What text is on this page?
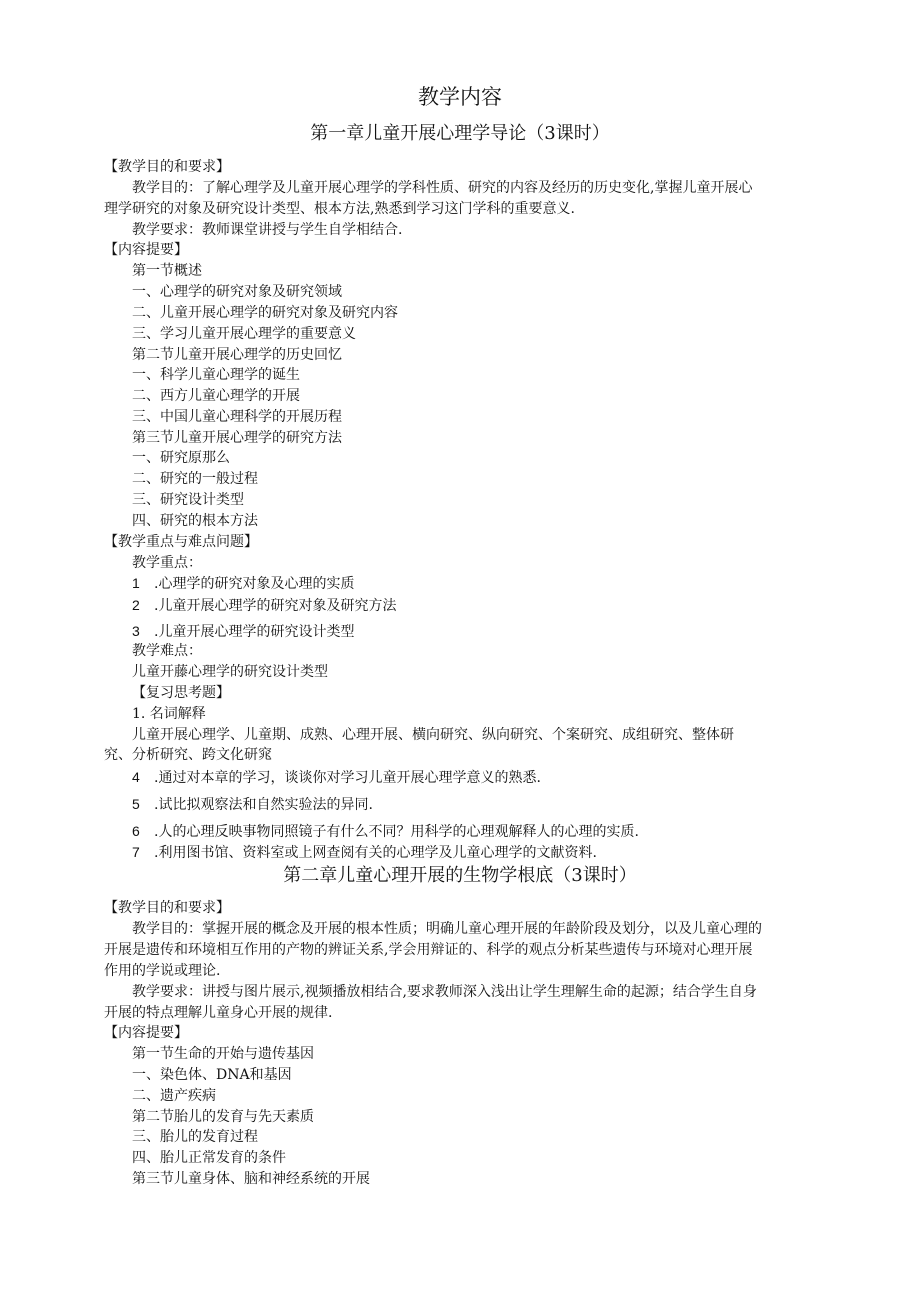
教学内容
第一章儿童开展心理学导论（3课时）
【教学目的和要求】
教学目的：了解心理学及儿童开展心理学的学科性质、研究的内容及经历的历史变化,掌握儿童开展心
理学研究的对象及研究设计类型、根本方法,熟悉到学习这门学科的重要意义.
教学要求：教师课堂讲授与学生自学相结合.
【内容提要】
第一节概述
一、心理学的研究对象及研究领域
二、儿童开展心理学的研究对象及研究内容
三、学习儿童开展心理学的重要意义
第二节儿童开展心理学的历史回忆
一、科学儿童心理学的诞生
二、西方儿童心理学的开展
三、中国儿童心理科学的开展历程
第三节儿童开展心理学的研究方法
一、研究原那么
二、研究的一般过程
三、研究设计类型
四、研究的根本方法
【教学重点与难点问题】
教学重点：
1 .心理学的研究对象及心理的实质
2 .儿童开展心理学的研究对象及研究方法
3 .儿童开展心理学的研究设计类型
教学难点：
儿童开藤心理学的研究设计类型
【复习思考题】
1. 名词解释
儿童开展心理学、儿童期、成熟、心理开展、横向研究、纵向研究、个案研究、成组研究、整体研
究、分析研究、跨文化研窕
4 .通过对本章的学习，谈谈你对学习儿童开展心理学意义的熟悉.
5 .试比拟观察法和自然实验法的异同.
6 .人的心理反映事物同照镜子有什么不同？用科学的心理观解释人的心理的实质.
7 .利用图书馆、资料室或上网查阅有关的心理学及儿童心理学的文献资料.
第二章儿童心理开展的生物学根底（3课时）
【教学目的和要求】
教学目的：掌握开展的概念及开展的根本性质；明确儿童心理开展的年龄阶段及划分，以及儿童心理的
开展是遗传和环境相互作用的产物的辨证关系,学会用辩证的、科学的观点分析某些遗传与环境对心理开展
作用的学说或理论.
教学要求：讲授与图片展示,视频播放相结合,要求教师深入浅出让学生理解生命的起源；结合学生自身
开展的特点理解儿童身心开展的规律.
【内容提要】
第一节生命的开始与遗传基因
一、染色体、DNA和基因
二、遗产疾病
第二节胎儿的发育与先天素质
三、胎儿的发育过程
四、胎儿正常发育的条件
第三节儿童身体、脑和神经系统的开展
